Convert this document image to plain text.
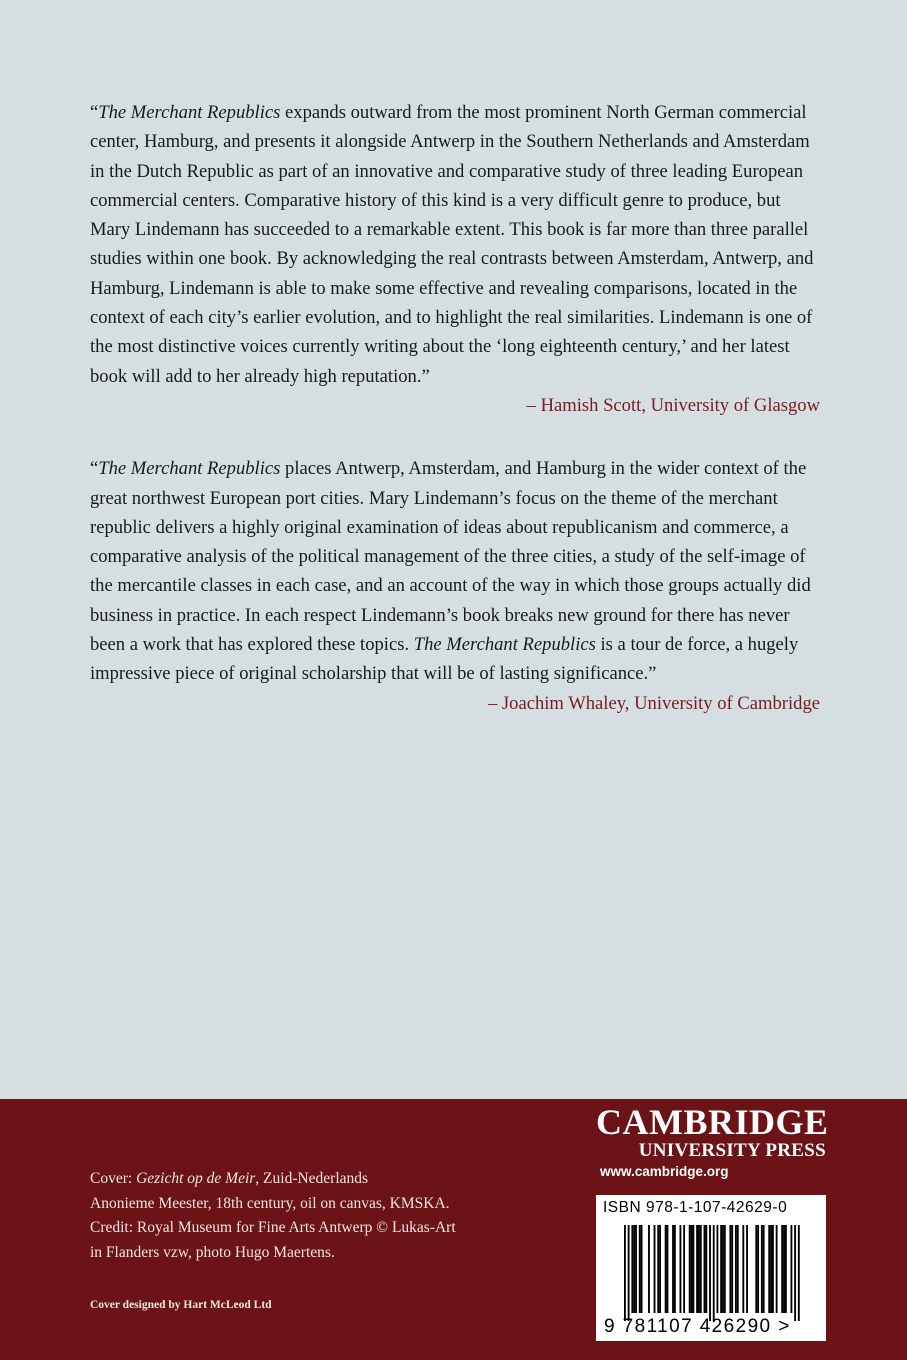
“The Merchant Republics expands outward from the most prominent North German commercial center, Hamburg, and presents it alongside Antwerp in the Southern Netherlands and Amsterdam in the Dutch Republic as part of an innovative and comparative study of three leading European commercial centers. Comparative history of this kind is a very difficult genre to produce, but Mary Lindemann has succeeded to a remarkable extent. This book is far more than three parallel studies within one book. By acknowledging the real contrasts between Amsterdam, Antwerp, and Hamburg, Lindemann is able to make some effective and revealing comparisons, located in the context of each city’s earlier evolution, and to highlight the real similarities. Lindemann is one of the most distinctive voices currently writing about the ‘long eighteenth century,’ and her latest book will add to her already high reputation.”

– Hamish Scott, University of Glasgow

“The Merchant Republics places Antwerp, Amsterdam, and Hamburg in the wider context of the great northwest European port cities. Mary Lindemann’s focus on the theme of the merchant republic delivers a highly original examination of ideas about republicanism and commerce, a comparative analysis of the political management of the three cities, a study of the self-image of the mercantile classes in each case, and an account of the way in which those groups actually did business in practice. In each respect Lindemann’s book breaks new ground for there has never been a work that has explored these topics. The Merchant Republics is a tour de force, a hugely impressive piece of original scholarship that will be of lasting significance.”

– Joachim Whaley, University of Cambridge

Cover: Gezicht op de Meir, Zuid-Nederlands

Anonieme Meester, 18th century, oil on canvas, KMSKA.

Credit: Royal Museum for Fine Arts Antwerp © Lukas-Art

in Flanders vzw, photo Hugo Maertens.

Cover designed by Hart McLeod Ltd
CAMBRIDGE
UNIVERSITY PRESS
www.cambridge.org
ISBN 978-1-107-42629-0
9 781107 426290 >
